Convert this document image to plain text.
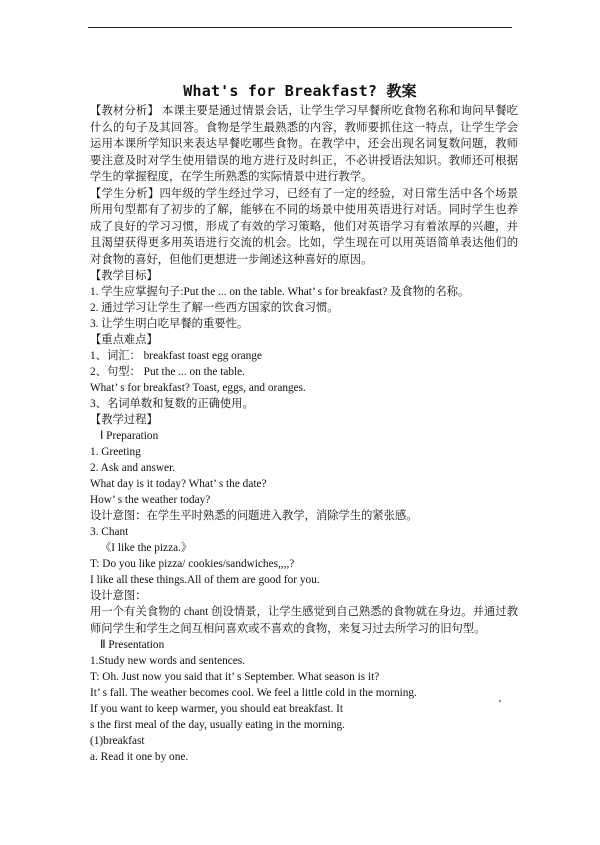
What's for Breakfast? 教案

【教材分析】 本课主要是通过情景会话，让学生学习早餐所吃食物名称和询问早餐吃什么的句子及其回答。食物是学生最熟悉的内容，教师要抓住这一特点，让学生学会运用本课所学知识来表达早餐吃哪些食物。在教学中，还会出现名词复数问题，教师要注意及时对学生使用错误的地方进行及时纠正，不必讲授语法知识。教师还可根据学生的掌握程度，在学生所熟悉的实际情景中进行教学。

【学生分析】四年级的学生经过学习，已经有了一定的经验，对日常生活中各个场景所用句型都有了初步的了解，能够在不同的场景中使用英语进行对话。同时学生也养成了良好的学习习惯，形成了有效的学习策略，他们对英语学习有着浓厚的兴趣，并且渴望获得更多用英语进行交流的机会。比如，学生现在可以用英语简单表达他们的对食物的喜好，但他们更想进一步阐述这种喜好的原因。

【教学目标】

1. 学生应掌握句子:Put the ... on the table. What’ s for breakfast? 及食物的名称。

2. 通过学习让学生了解一些西方国家的饮食习惯。

3. 让学生明白吃早餐的重要性。

【重点难点】

1、词汇： breakfast toast egg orange

2、句型： Put the ... on the table.

What’ s for breakfast? Toast, eggs, and oranges.

3、名词单数和复数的正确使用。

【教学过程】

Ⅰ Preparation

1. Greeting

2. Ask and answer.

What day is it today? What’ s the date?

How’ s the weather today?

设计意图：在学生平时熟悉的问题进入教学，消除学生的紧张感。

3. Chant

《I like the pizza.》

T: Do you like pizza/ cookies/sandwiches,,,,?

I like all these things.All of them are good for you.

设计意图：

用一个有关食物的 chant 创设情景，让学生感觉到自己熟悉的食物就在身边。并通过教师问学生和学生之间互相问喜欢或不喜欢的食物，来复习过去所学习的旧句型。

Ⅱ Presentation

1.Study new words and sentences.

T: Oh. Just now you said that it’ s September. What season is it?

It’ s fall. The weather becomes cool. We feel a little cold in the morning.

If you want to keep warmer, you should eat breakfast. It

s the first meal of the day, usually eating in the morning.

(1)breakfast

a. Read it one by one.

’
